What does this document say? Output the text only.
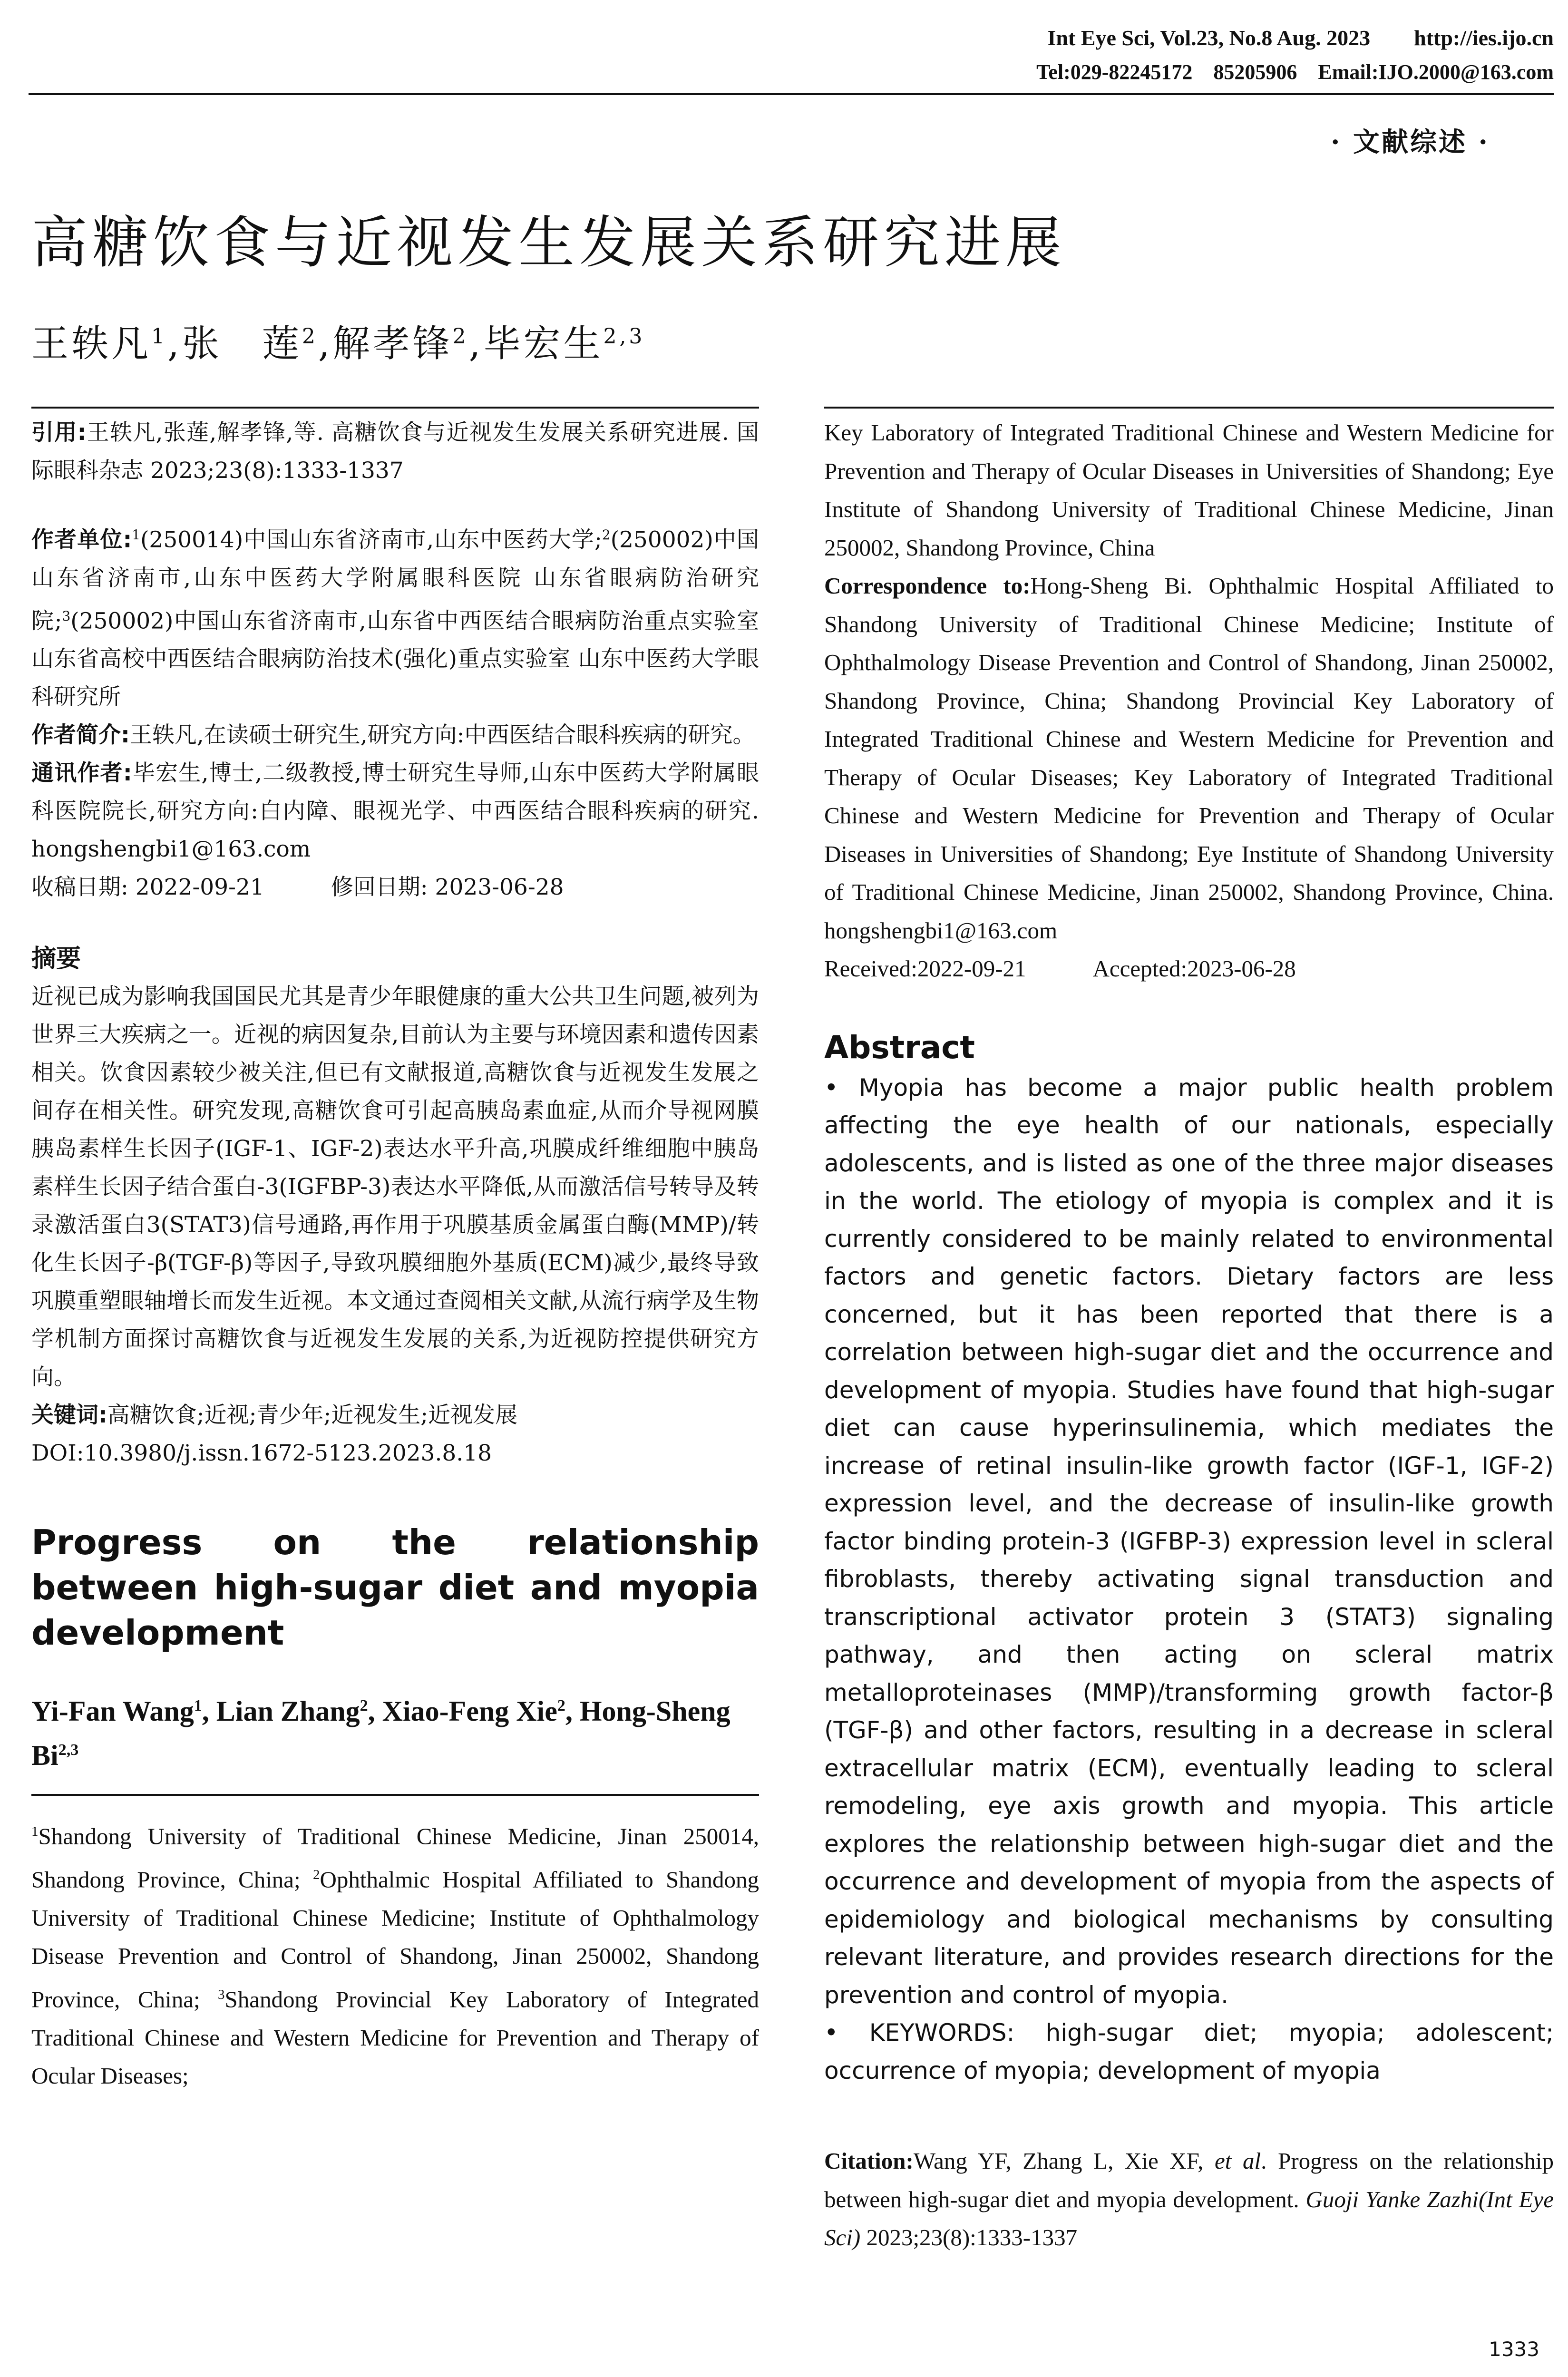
Int Eye Sci, Vol.23, No.8 Aug. 2023        http://ies.ijo.cn
Tel:029-82245172    85205906    Email:IJO.2000@163.com
· 文献综述 ·
高糖饮食与近视发生发展关系研究进展
王轶凡$^1$,张　莲$^2$,解孝锋$^2$,毕宏生$^{2,3}$

引用:王轶凡,张莲,解孝锋,等. 高糖饮食与近视发生发展关系研究进展. 国际眼科杂志 2023;23(8):1333-1337

作者单位:$^1$(250014)中国山东省济南市,山东中医药大学;$^2$(250002)中国山东省济南市,山东中医药大学附属眼科医院 山东省眼病防治研究院;$^3$(250002)中国山东省济南市,山东省中西医结合眼病防治重点实验室 山东省高校中西医结合眼病防治技术(强化)重点实验室 山东中医药大学眼科研究所

作者简介:王轶凡,在读硕士研究生,研究方向:中西医结合眼科疾病的研究。

通讯作者:毕宏生,博士,二级教授,博士研究生导师,山东中医药大学附属眼科医院院长,研究方向:白内障、眼视光学、中西医结合眼科疾病的研究. hongshengbi1@163.com

收稿日期: 2022-09-21	修回日期: 2023-06-28

摘要

近视已成为影响我国国民尤其是青少年眼健康的重大公共卫生问题,被列为世界三大疾病之一。近视的病因复杂,目前认为主要与环境因素和遗传因素相关。饮食因素较少被关注,但已有文献报道,高糖饮食与近视发生发展之间存在相关性。研究发现,高糖饮食可引起高胰岛素血症,从而介导视网膜胰岛素样生长因子(IGF-1、IGF-2)表达水平升高,巩膜成纤维细胞中胰岛素样生长因子结合蛋白-3(IGFBP-3)表达水平降低,从而激活信号转导及转录激活蛋白3(STAT3)信号通路,再作用于巩膜基质金属蛋白酶(MMP)/转化生长因子-β(TGF-β)等因子,导致巩膜细胞外基质(ECM)减少,最终导致巩膜重塑眼轴增长而发生近视。本文通过查阅相关文献,从流行病学及生物学机制方面探讨高糖饮食与近视发生发展的关系,为近视防控提供研究方向。

关键词:高糖饮食;近视;青少年;近视发生;近视发展

DOI:10.3980/j.issn.1672-5123.2023.8.18

Progress on the relationship between high-sugar diet and myopia development

Yi-Fan Wang$^1$, Lian Zhang$^2$, Xiao-Feng Xie$^2$, Hong-Sheng Bi$^{2,3}$

$^1$Shandong University of Traditional Chinese Medicine, Jinan 250014, Shandong Province, China; $^2$Ophthalmic Hospital Affiliated to Shandong University of Traditional Chinese Medicine; Institute of Ophthalmology Disease Prevention and Control of Shandong, Jinan 250002, Shandong Province, China; $^3$Shandong Provincial Key Laboratory of Integrated Traditional Chinese and Western Medicine for Prevention and Therapy of Ocular Diseases;

Key Laboratory of Integrated Traditional Chinese and Western Medicine for Prevention and Therapy of Ocular Diseases in Universities of Shandong; Eye Institute of Shandong University of Traditional Chinese Medicine, Jinan 250002, Shandong Province, China

Correspondence to:Hong-Sheng Bi. Ophthalmic Hospital Affiliated to Shandong University of Traditional Chinese Medicine; Institute of Ophthalmology Disease Prevention and Control of Shandong, Jinan 250002, Shandong Province, China; Shandong Provincial Key Laboratory of Integrated Traditional Chinese and Western Medicine for Prevention and Therapy of Ocular Diseases; Key Laboratory of Integrated Traditional Chinese and Western Medicine for Prevention and Therapy of Ocular Diseases in Universities of Shandong; Eye Institute of Shandong University of Traditional Chinese Medicine, Jinan 250002, Shandong Province, China. hongshengbi1@163.com

Received:2022-09-21	Accepted:2023-06-28

Abstract

• Myopia has become a major public health problem affecting the eye health of our nationals, especially adolescents, and is listed as one of the three major diseases in the world. The etiology of myopia is complex and it is currently considered to be mainly related to environmental factors and genetic factors. Dietary factors are less concerned, but it has been reported that there is a correlation between high-sugar diet and the occurrence and development of myopia. Studies have found that high-sugar diet can cause hyperinsulinemia, which mediates the increase of retinal insulin-like growth factor (IGF-1, IGF-2) expression level, and the decrease of insulin-like growth factor binding protein-3 (IGFBP-3) expression level in scleral fibroblasts, thereby activating signal transduction and transcriptional activator protein 3 (STAT3) signaling pathway, and then acting on scleral matrix metalloproteinases (MMP)/transforming growth factor-β (TGF-β) and other factors, resulting in a decrease in scleral extracellular matrix (ECM), eventually leading to scleral remodeling, eye axis growth and myopia. This article explores the relationship between high-sugar diet and the occurrence and development of myopia from the aspects of epidemiology and biological mechanisms by consulting relevant literature, and provides research directions for the prevention and control of myopia.

• KEYWORDS: high-sugar diet; myopia; adolescent; occurrence of myopia; development of myopia

Citation:Wang YF, Zhang L, Xie XF, et al. Progress on the relationship between high-sugar diet and myopia development. Guoji Yanke Zazhi(Int Eye Sci) 2023;23(8):1333-1337

1333
